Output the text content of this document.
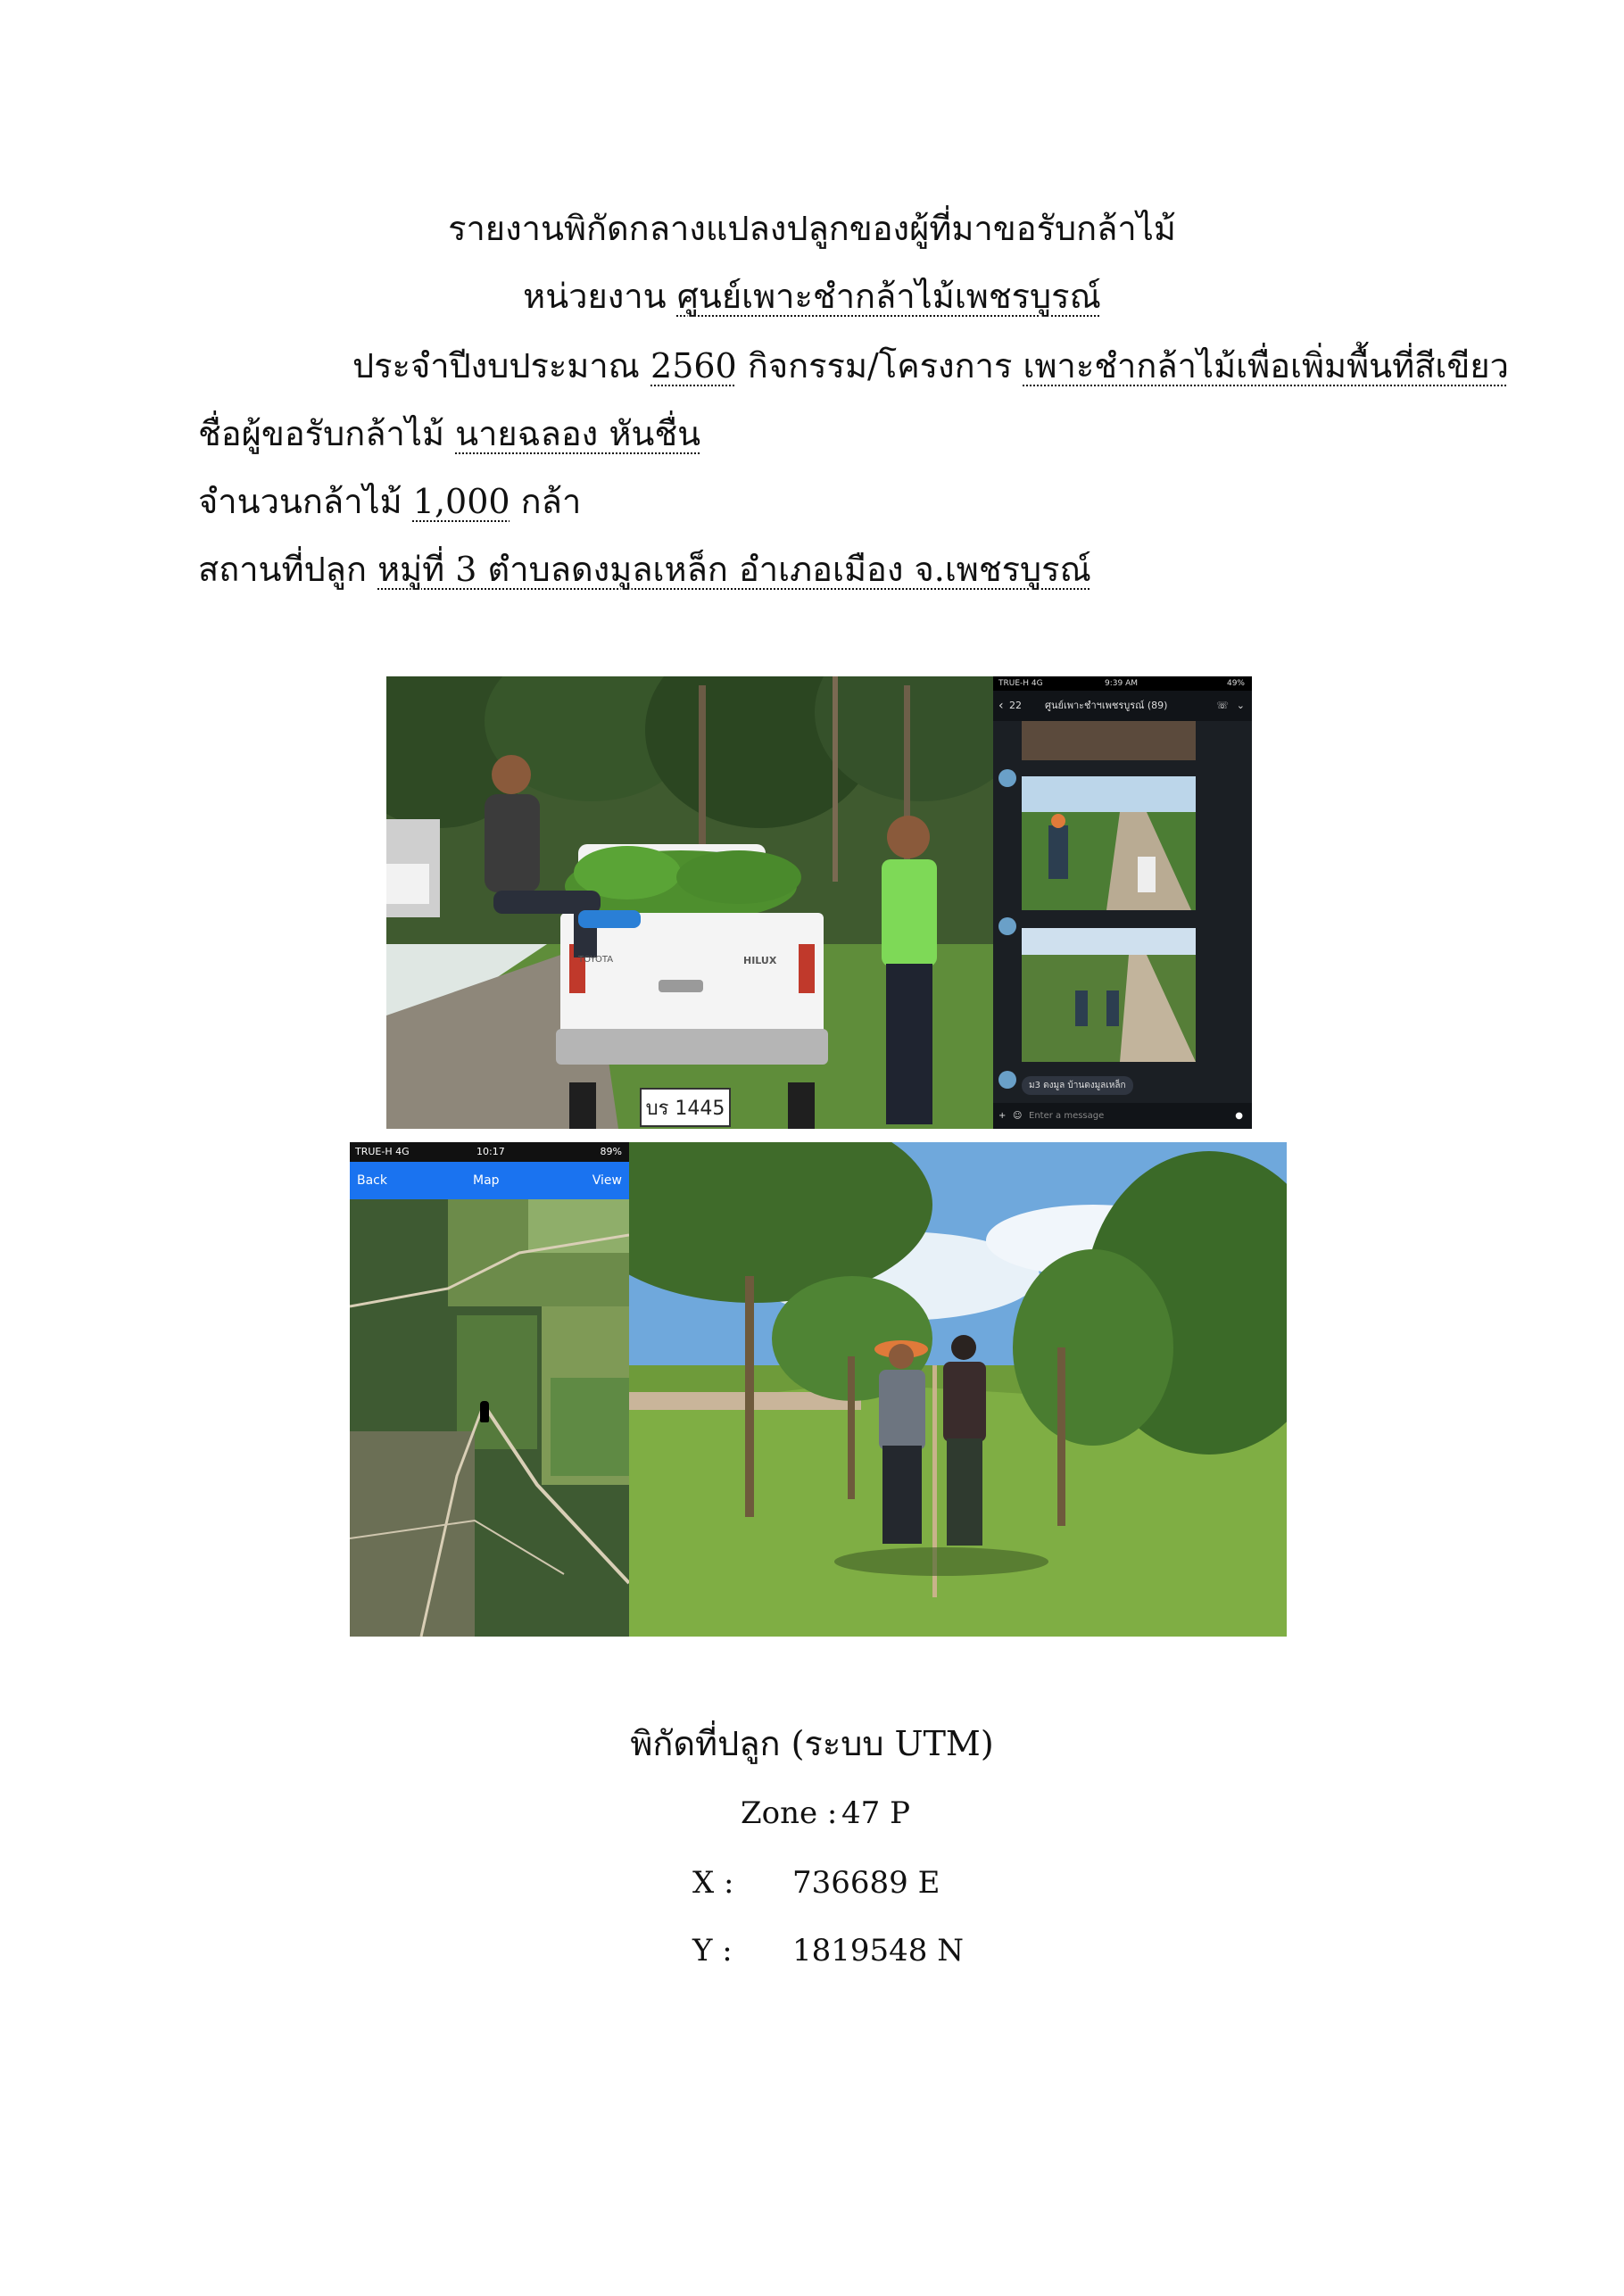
รายงานพิกัดกลางแปลงปลูกของผู้ที่มาขอรับกล้าไม้
หน่วยงาน ศูนย์เพาะชำกล้าไม้เพชรบูรณ์
ประจำปีงบประมาณ 2560 กิจกรรม/โครงการ เพาะชำกล้าไม้เพื่อเพิ่มพื้นที่สีเขียว
ชื่อผู้ขอรับกล้าไม้ นายฉลอง หันชื่น
จำนวนกล้าไม้ 1,000 กล้า
สถานที่ปลูก หมู่ที่ 3 ตำบลดงมูลเหล็ก อำเภอเมือง จ.เพชรบูรณ์
บร 1445
TOYOTA	HILUX
TRUE-H 4G	9:39 AM	49%
‹ 22 ศูนย์เพาะชำฯเพชรบูรณ์ (89)	☏ ⌄
ม3 ดงมูล บ้านดงมูลเหล็ก
+ ☺ Enter a message	●
TRUE-H 4G	10:17	89%
Back	Map	View
พิกัดที่ปลูก (ระบบ UTM)
Zone : 47 P
X : 736689 E
Y : 1819548 N
